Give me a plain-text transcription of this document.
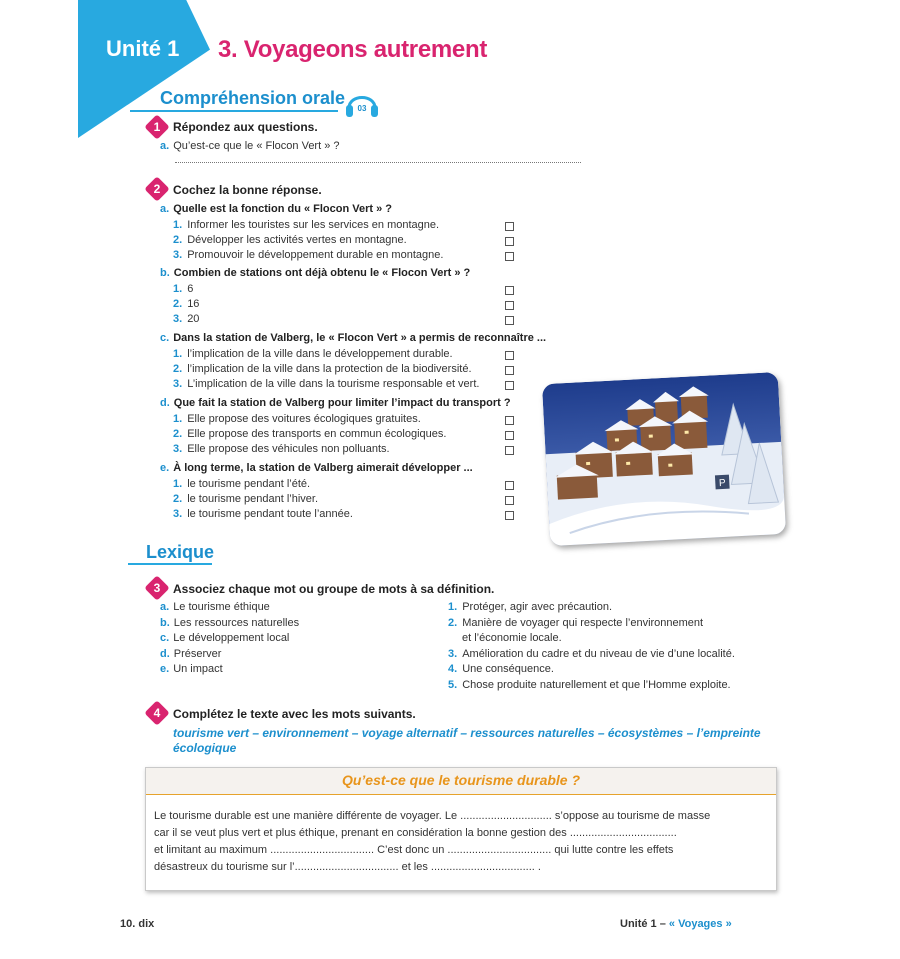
Unité 1 3. Voyageons autrement
Compréhension orale
03
1	Répondez aux questions.
a. Qu’est-ce que le « Flocon Vert » ?
2	Cochez la bonne réponse.
a. Quelle est la fonction du « Flocon Vert » ?
1. Informer les touristes sur les services en montagne.
2. Développer les activités vertes en montagne.
3. Promouvoir le développement durable en montagne.
b. Combien de stations ont déjà obtenu le « Flocon Vert » ?
1. 6
2. 16
3. 20
c. Dans la station de Valberg, le « Flocon Vert » a permis de reconnaître ...
1. l’implication de la ville dans le développement durable.
2. l’implication de la ville dans la protection de la biodiversité.
3. L’implication de la ville dans la tourisme responsable et vert.
d. Que fait la station de Valberg pour limiter l’impact du transport ?
1. Elle propose des voitures écologiques gratuites.
2. Elle propose des transports en commun écologiques.
3. Elle propose des véhicules non polluants.
e. À long terme, la station de Valberg aimerait développer ...
1. le tourisme pendant l’été.
2. le tourisme pendant l’hiver.
3. le tourisme pendant toute l’année.
P
Lexique
3	Associez chaque mot ou groupe de mots à sa définition.
a. Le tourisme éthique
b. Les ressources naturelles
c. Le développement local
d. Préserver
e. Un impact
1. Protéger, agir avec précaution.
2. Manière de voyager qui respecte l’environnement
et l’économie locale.
3. Amélioration du cadre et du niveau de vie d’une localité.
4. Une conséquence.
5. Chose produite naturellement et que l’Homme exploite.
4	Complétez le texte avec les mots suivants.
tourisme vert – environnement – voyage alternatif – ressources naturelles – écosystèmes – l’empreinte écologique
Qu’est-ce que le tourisme durable ?
Le tourisme durable est une manière différente de voyager. Le .............................. s’oppose au tourisme de masse
car il se veut plus vert et plus éthique, prenant en considération la bonne gestion des ...................................
et limitant au maximum .................................. C’est donc un .................................. qui lutte contre les effets
désastreux du tourisme sur l’.................................. et les .................................. .
10. dix	Unité 1 – « Voyages »
